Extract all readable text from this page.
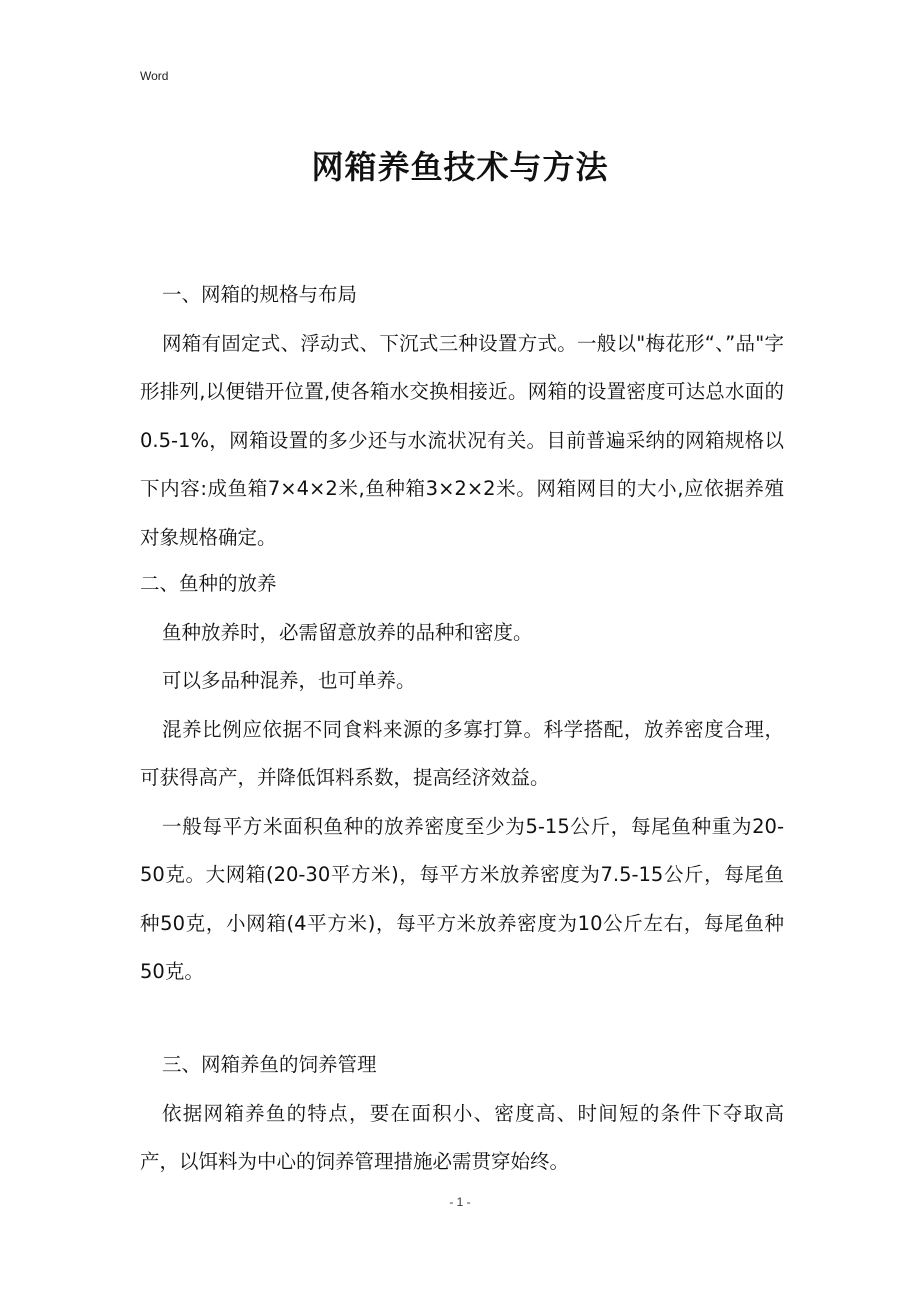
Word
网箱养鱼技术与方法

一、网箱的规格与布局

网箱有固定式、浮动式、下沉式三种设置方式。一般以"梅花形“、”品"字形排列,以便错开位置,使各箱水交换相接近。网箱的设置密度可达总水面的0.5-1%，网箱设置的多少还与水流状况有关。目前普遍采纳的网箱规格以下内容:成鱼箱7×4×2米,鱼种箱3×2×2米。网箱网目的大小,应依据养殖对象规格确定。

二、鱼种的放养

鱼种放养时，必需留意放养的品种和密度。

可以多品种混养，也可单养。

混养比例应依据不同食料来源的多寡打算。科学搭配，放养密度合理，可获得高产，并降低饵料系数，提高经济效益。

一般每平方米面积鱼种的放养密度至少为5-15公斤，每尾鱼种重为20-50克。大网箱(20-30平方米)，每平方米放养密度为7.5-15公斤，每尾鱼种50克，小网箱(4平方米)，每平方米放养密度为10公斤左右，每尾鱼种50克。

三、网箱养鱼的饲养管理

依据网箱养鱼的特点，要在面积小、密度高、时间短的条件下夺取高产，以饵料为中心的饲养管理措施必需贯穿始终。

- 1 -
